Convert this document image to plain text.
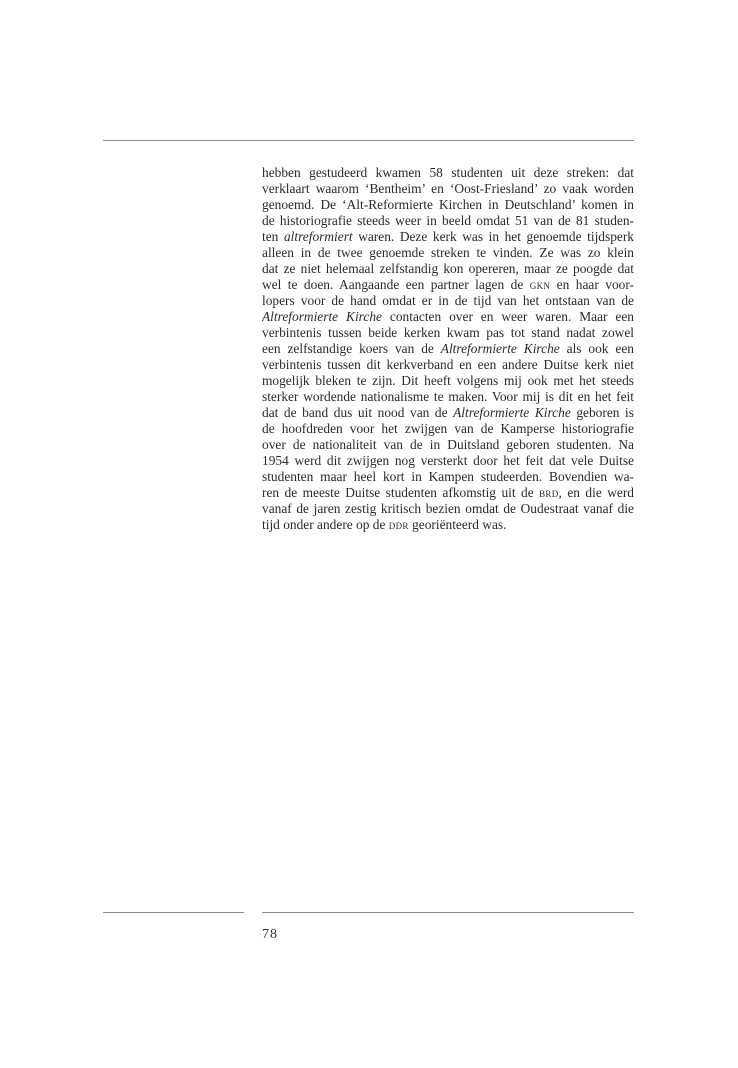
hebben gestudeerd kwamen 58 studenten uit deze streken: dat
verklaart waarom ‘Bentheim’ en ‘Oost-Friesland’ zo vaak worden
genoemd. De ‘Alt-Reformierte Kirchen in Deutschland’ komen in
de historiografie steeds weer in beeld omdat 51 van de 81 studen-
ten altreformiert waren. Deze kerk was in het genoemde tijdsperk
alleen in de twee genoemde streken te vinden. Ze was zo klein
dat ze niet helemaal zelfstandig kon opereren, maar ze poogde dat
wel te doen. Aangaande een partner lagen de gkn en haar voor-
lopers voor de hand omdat er in de tijd van het ontstaan van de
Altreformierte Kirche contacten over en weer waren. Maar een
verbintenis tussen beide kerken kwam pas tot stand nadat zowel
een zelfstandige koers van de Altreformierte Kirche als ook een
verbintenis tussen dit kerkverband en een andere Duitse kerk niet
mogelijk bleken te zijn. Dit heeft volgens mij ook met het steeds
sterker wordende nationalisme te maken. Voor mij is dit en het feit
dat de band dus uit nood van de Altreformierte Kirche geboren is
de hoofdreden voor het zwijgen van de Kamperse historiografie
over de nationaliteit van de in Duitsland geboren studenten. Na
1954 werd dit zwijgen nog versterkt door het feit dat vele Duitse
studenten maar heel kort in Kampen studeerden. Bovendien wa-
ren de meeste Duitse studenten afkomstig uit de brd, en die werd
vanaf de jaren zestig kritisch bezien omdat de Oudestraat vanaf die
tijd onder andere op de ddr georiënteerd was.
78
